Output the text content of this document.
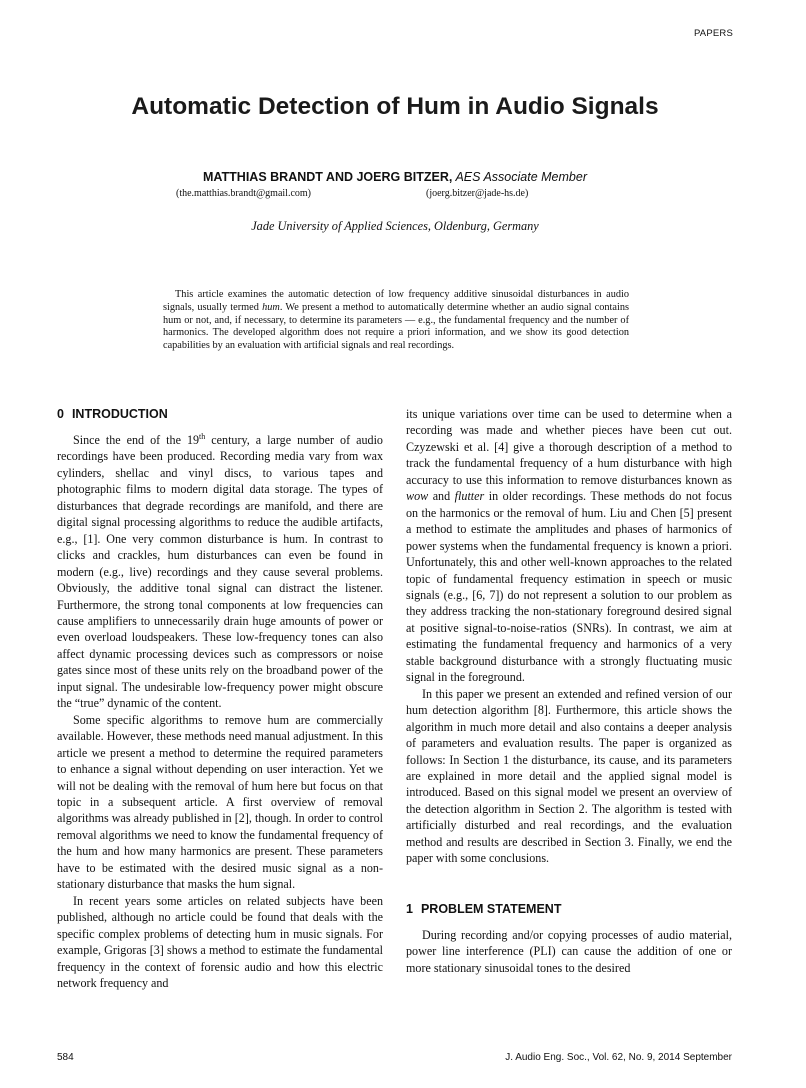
PAPERS
Automatic Detection of Hum in Audio Signals
MATTHIAS BRANDT AND JOERG BITZER, AES Associate Member
(the.matthias.brandt@gmail.com)	(joerg.bitzer@jade-hs.de)
Jade University of Applied Sciences, Oldenburg, Germany

This article examines the automatic detection of low frequency additive sinusoidal disturbances in audio signals, usually termed hum. We present a method to automatically determine whether an audio signal contains hum or not, and, if necessary, to determine its parameters — e.g., the fundamental frequency and the number of harmonics. The developed algorithm does not require a priori information, and we show its good detection capabilities by an evaluation with artificial signals and real recordings.

0 INTRODUCTION

Since the end of the 19th century, a large number of audio recordings have been produced. Recording media vary from wax cylinders, shellac and vinyl discs, to various tapes and photographic films to modern digital data storage. The types of disturbances that degrade recordings are manifold, and there are digital signal processing algorithms to reduce the audible artifacts, e.g., [1]. One very common disturbance is hum. In contrast to clicks and crackles, hum disturbances can even be found in modern (e.g., live) recordings and they cause several problems. Obviously, the additive tonal signal can distract the listener. Furthermore, the strong tonal components at low frequencies can cause amplifiers to unnecessarily drain huge amounts of power or even overload loudspeakers. These low-frequency tones can also affect dynamic processing devices such as compressors or noise gates since most of these units rely on the broadband power of the input signal. The undesirable low-frequency power might obscure the “true” dynamic of the content.

Some specific algorithms to remove hum are commercially available. However, these methods need manual adjustment. In this article we present a method to determine the required parameters to enhance a signal without depending on user interaction. Yet we will not be dealing with the removal of hum here but focus on that topic in a subsequent article. A first overview of removal algorithms was already published in [2], though. In order to control removal algorithms we need to know the fundamental frequency of the hum and how many harmonics are present. These parameters have to be estimated with the desired music signal as a non-stationary disturbance that masks the hum signal.

In recent years some articles on related subjects have been published, although no article could be found that deals with the specific complex problems of detecting hum in music signals. For example, Grigoras [3] shows a method to estimate the fundamental frequency in the context of forensic audio and how this electric network frequency and

its unique variations over time can be used to determine when a recording was made and whether pieces have been cut out. Czyzewski et al. [4] give a thorough description of a method to track the fundamental frequency of a hum disturbance with high accuracy to use this information to remove disturbances known as wow and flutter in older recordings. These methods do not focus on the harmonics or the removal of hum. Liu and Chen [5] present a method to estimate the amplitudes and phases of harmonics of power systems when the fundamental frequency is known a priori. Unfortunately, this and other well-known approaches to the related topic of fundamental frequency estimation in speech or music signals (e.g., [6, 7]) do not represent a solution to our problem as they address tracking the non-stationary foreground desired signal at positive signal-to-noise-ratios (SNRs). In contrast, we aim at estimating the fundamental frequency and harmonics of a very stable background disturbance with a strongly fluctuating music signal in the foreground.

In this paper we present an extended and refined version of our hum detection algorithm [8]. Furthermore, this article shows the algorithm in much more detail and also contains a deeper analysis of parameters and evaluation results. The paper is organized as follows: In Section 1 the disturbance, its cause, and its parameters are explained in more detail and the applied signal model is introduced. Based on this signal model we present an overview of the detection algorithm in Section 2. The algorithm is tested with artificially disturbed and real recordings, and the evaluation method and results are described in Section 3. Finally, we end the paper with some conclusions.

1 PROBLEM STATEMENT

During recording and/or copying processes of audio material, power line interference (PLI) can cause the addition of one or more stationary sinusoidal tones to the desired

584	J. Audio Eng. Soc., Vol. 62, No. 9, 2014 September
